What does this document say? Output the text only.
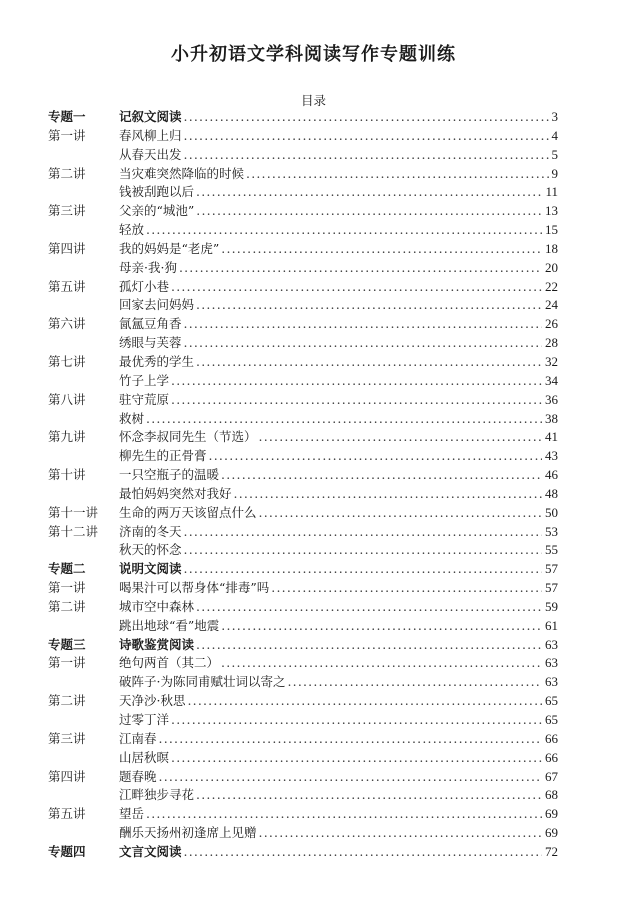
小升初语文学科阅读写作专题训练
目录
专题一	记叙文阅读 .....	3
第一讲	春风柳上归 .....	4
从春天出发 .....	5
第二讲	当灾难突然降临的时候 .....	9
钱被刮跑以后 .....	11
第三讲	父亲的“城池” .....	13
轻放 .....	15
第四讲	我的妈妈是“老虎” .....	18
母亲·我·狗 .....	20
第五讲	孤灯小巷 .....	22
回家去问妈妈 .....	24
第六讲	氤氲豆角香 .....	26
绣眼与芙蓉 .....	28
第七讲	最优秀的学生 .....	32
竹子上学 .....	34
第八讲	驻守荒原 .....	36
救树 .....	38
第九讲	怀念李叔同先生（节选） .....	41
柳先生的正骨膏 .....	43
第十讲	一只空瓶子的温暖 .....	46
最怕妈妈突然对我好 .....	48
第十一讲 生命的两万天该留点什么 .....	50
第十二讲 济南的冬天 .....	53
秋天的怀念 .....	55
专题二	说明文阅读 .....	57
第一讲	喝果汁可以帮身体“排毒”吗 .....	57
第二讲	城市空中森林 .....	59
跳出地球“看”地震 .....	61
专题三	诗歌鉴赏阅读 .....	63
第一讲	绝句两首（其二） .....	63
破阵子·为陈同甫赋壮词以寄之 .....	63
第二讲	天净沙·秋思 .....	65
过零丁洋 .....	65
第三讲	江南春 .....	66
山居秋暝 .....	66
第四讲	题春晚 .....	67
江畔独步寻花 .....	68
第五讲	望岳 .....	69
酬乐天扬州初逢席上见赠 .....	69
专题四	文言文阅读 .....	72
